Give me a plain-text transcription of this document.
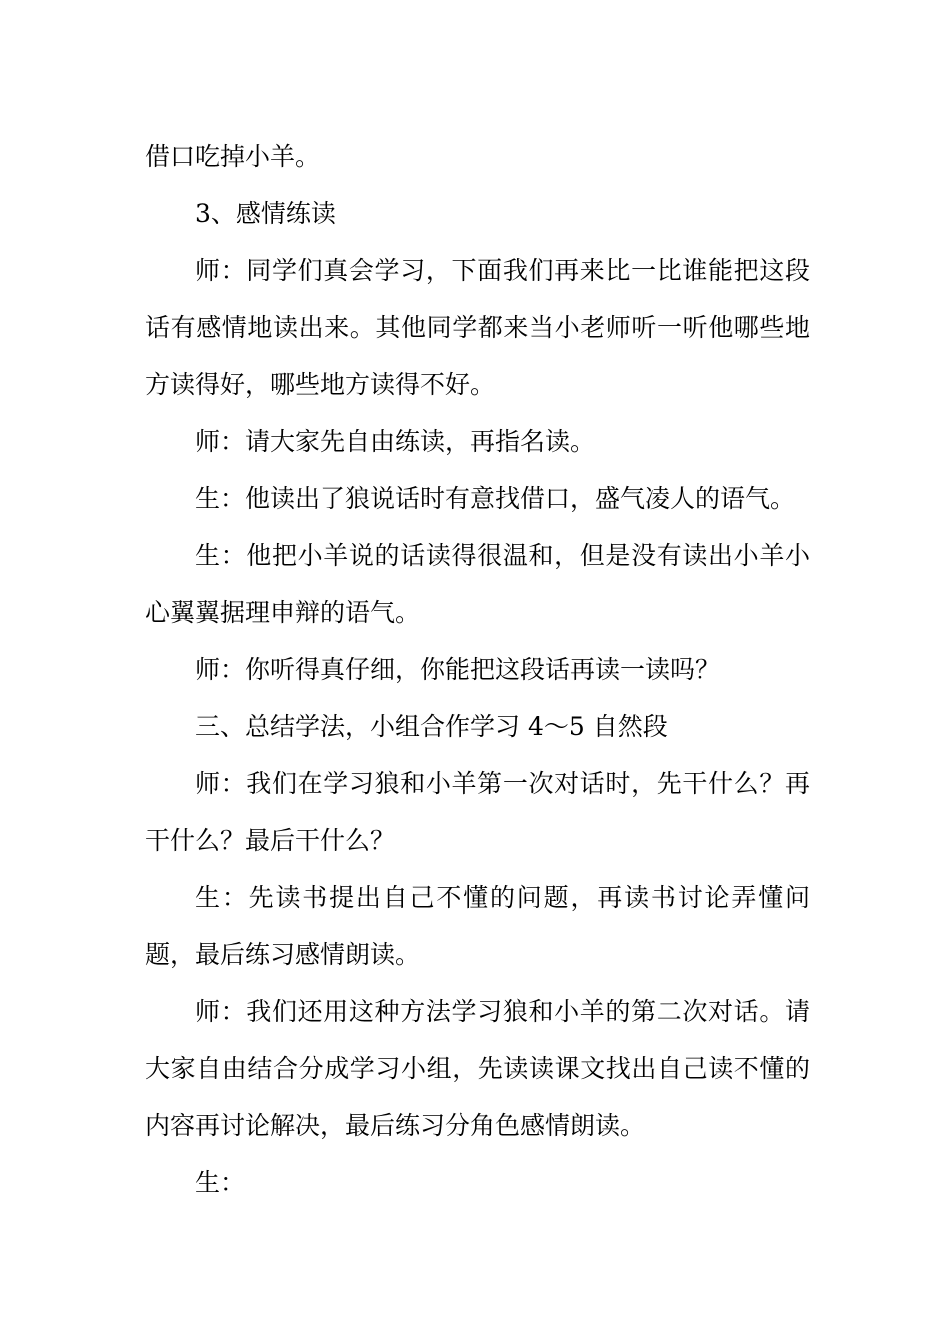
借口吃掉小羊。

3、感情练读

师：同学们真会学习，下面我们再来比一比谁能把这段话有感情地读出来。其他同学都来当小老师听一听他哪些地方读得好，哪些地方读得不好。

师：请大家先自由练读，再指名读。

生：他读出了狼说话时有意找借口，盛气凌人的语气。

生：他把小羊说的话读得很温和，但是没有读出小羊小心翼翼据理申辩的语气。

师：你听得真仔细，你能把这段话再读一读吗？

三、总结学法，小组合作学习 4～5 自然段

师：我们在学习狼和小羊第一次对话时，先干什么？再干什么？最后干什么？

生：先读书提出自己不懂的问题，再读书讨论弄懂问题，最后练习感情朗读。

师：我们还用这种方法学习狼和小羊的第二次对话。请大家自由结合分成学习小组，先读读课文找出自己读不懂的内容再讨论解决，最后练习分角色感情朗读。

生：
